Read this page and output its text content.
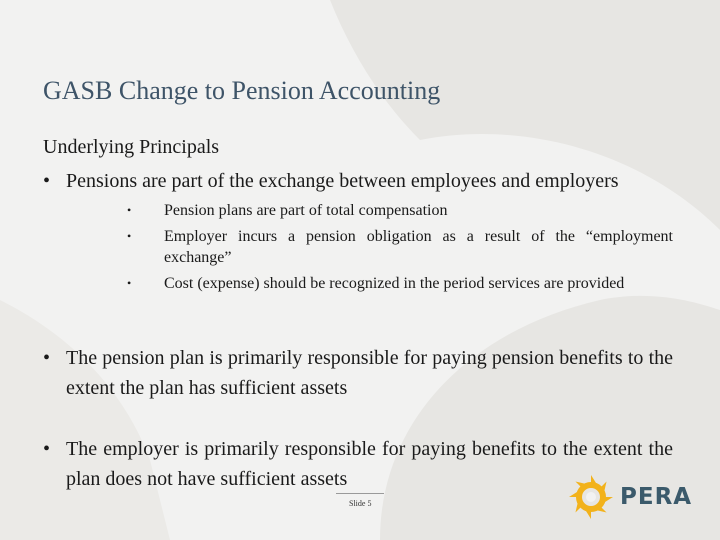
GASB Change to Pension Accounting
Underlying Principals
• Pensions are part of the exchange between employees and employers
• Pension plans are part of total compensation
• Employer incurs a pension obligation as a result of the “employment exchange”
• Cost (expense) should be recognized in the period services are provided
• The pension plan is primarily responsible for paying pension benefits to the extent the plan has sufficient assets
• The employer is primarily responsible for paying benefits to the extent the plan does not have sufficient assets
Slide 5	PERA
